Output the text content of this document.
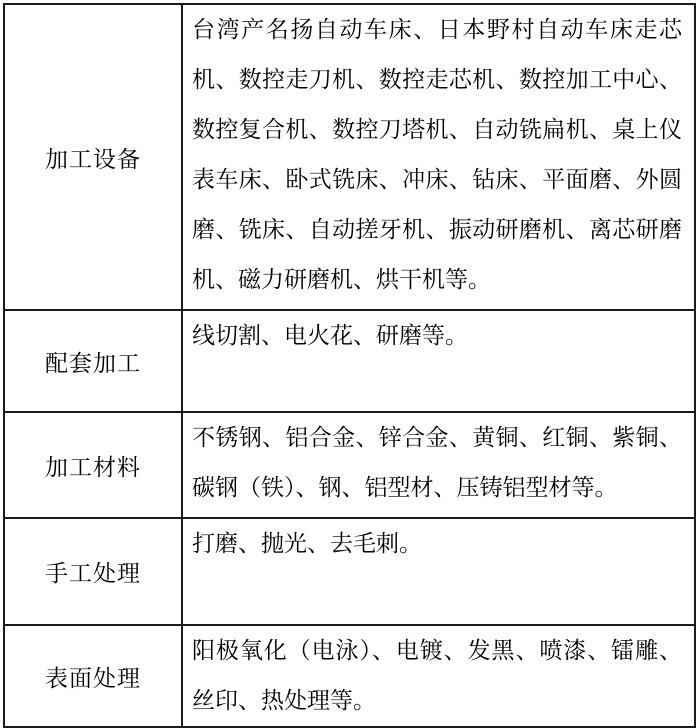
加工设备	台湾产名扬自动车床、日本野村自动车床走芯机、数控走刀机、数控走芯机、数控加工中心、数控复合机、数控刀塔机、自动铣扁机、桌上仪表车床、卧式铣床、冲床、钻床、平面磨、外圆磨、铣床、自动搓牙机、振动研磨机、离芯研磨机、磁力研磨机、烘干机等。
配套加工	线切割、电火花、研磨等。
加工材料	不锈钢、铝合金、锌合金、黄铜、红铜、紫铜、碳钢（铁）、钢、铝型材、压铸铝型材等。
手工处理	打磨、抛光、去毛刺。
表面处理	阳极氧化（电泳）、电镀、发黑、喷漆、镭雕、丝印、热处理等。
